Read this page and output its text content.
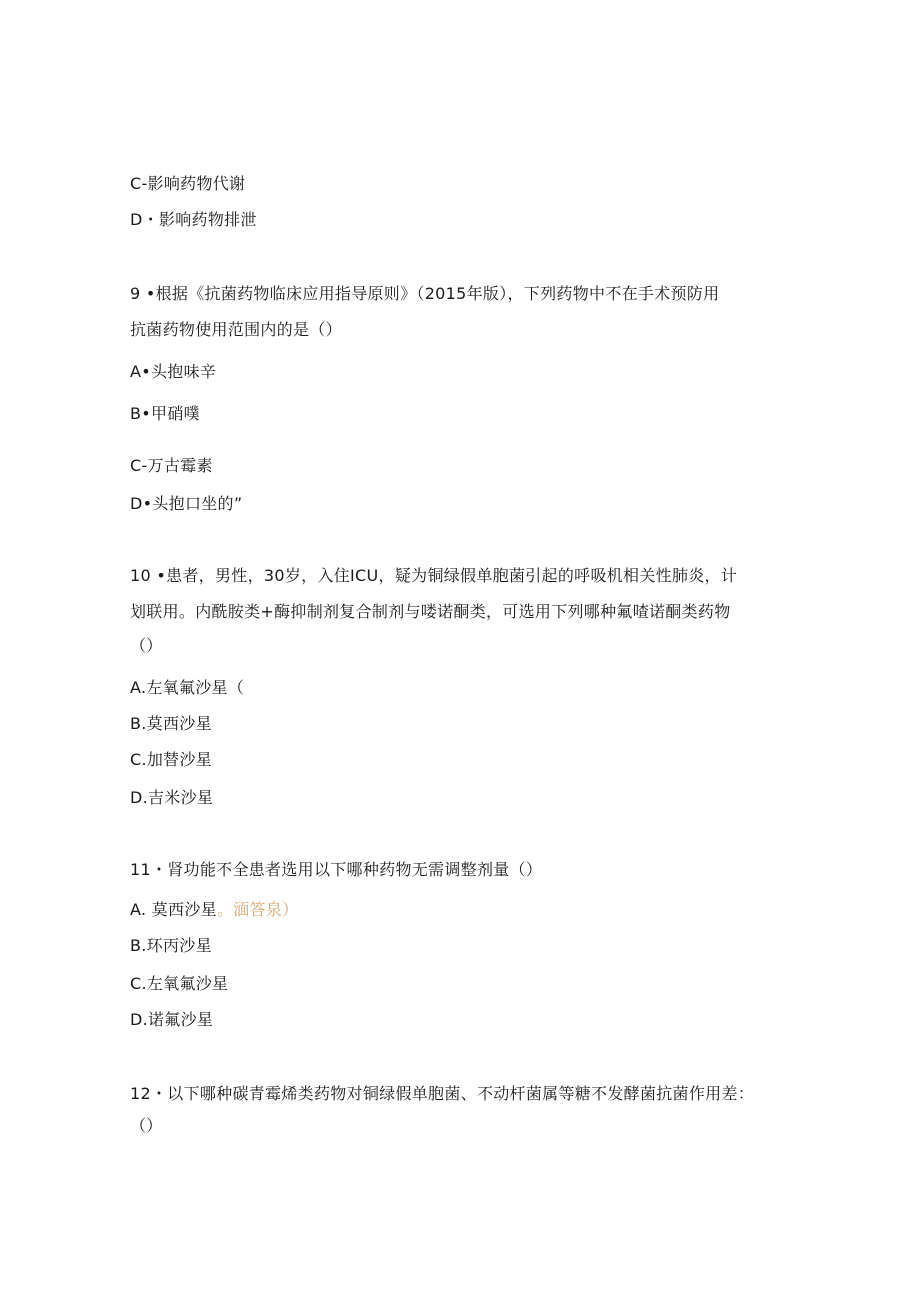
C-影响药物代谢
D・影响药物排泄
9 •根据《抗菌药物临床应用指导原则》（2015年版），下列药物中不在手术预防用
抗菌药物使用范围内的是（）
A•头抱味辛
B•甲硝噗
C-万古霉素
D•头抱口坐的”
10 •患者，男性，30岁，入住ICU，疑为铜绿假单胞菌引起的呼吸机相关性肺炎，计
划联用。内酰胺类+酶抑制剂复合制剂与喽诺酮类，可选用下列哪种氟喳诺酮类药物
（）
A.左氧氟沙星（
B.莫西沙星
C.加替沙星
D.吉米沙星
11・肾功能不全患者选用以下哪种药物无需调整剂量（）
A. 莫西沙星。湎答泉）
B.环丙沙星
C.左氧氟沙星
D.诺氟沙星
12・以下哪种碳青霉烯类药物对铜绿假单胞菌、不动杆菌属等糖不发酵菌抗菌作用差：
（）
